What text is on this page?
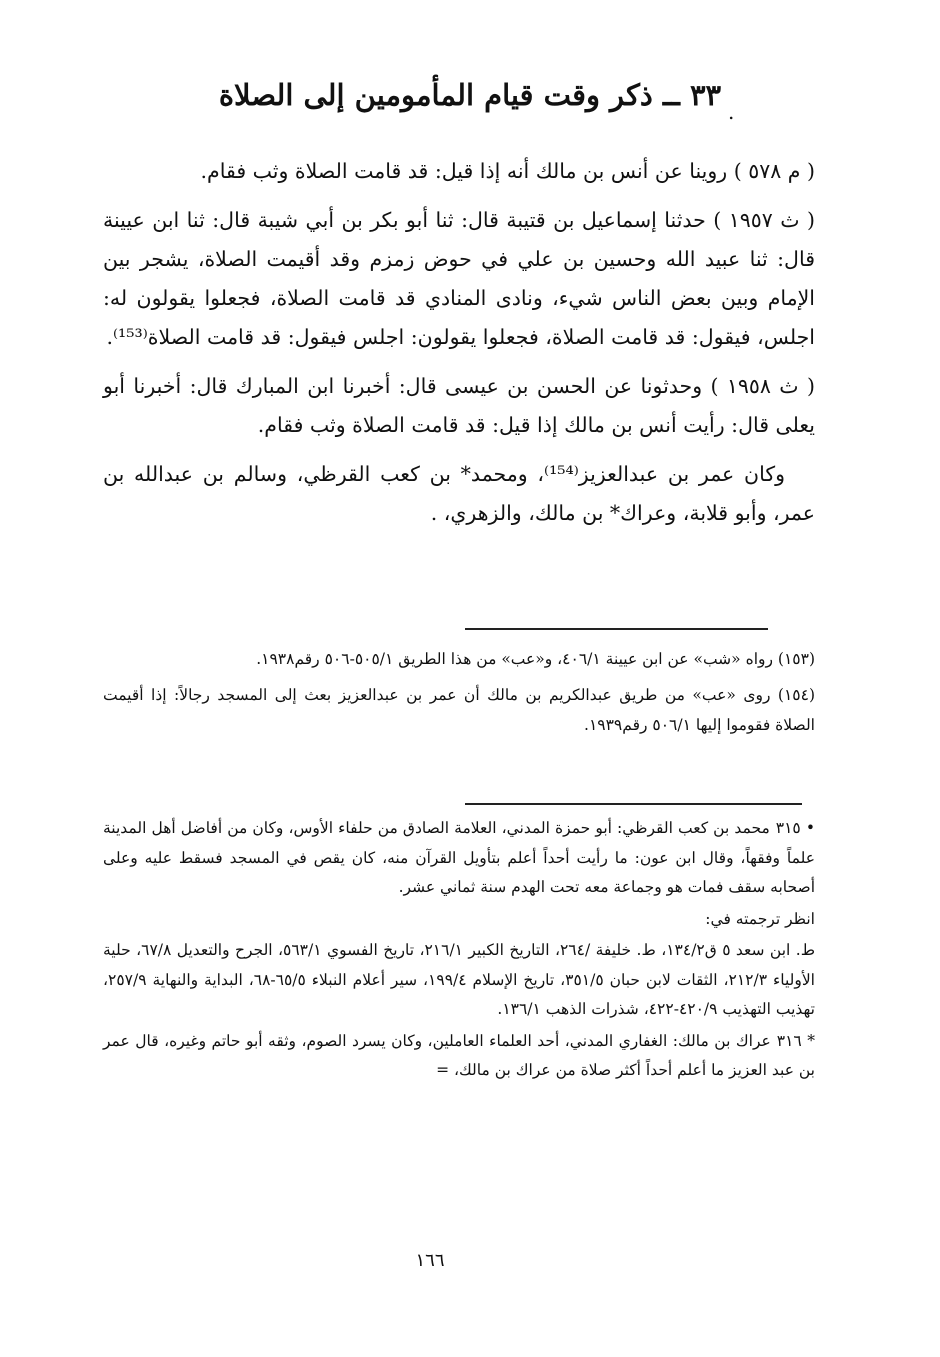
.
٣٣ ــ ذكر وقت قيام المأمومين إلى الصلاة

( م ٥٧٨ ) روينا عن أنس بن مالك أنه إذا قيل: قد قامت الصلاة وثب فقام.

( ث ١٩٥٧ ) حدثنا إسماعيل بن قتيبة قال: ثنا أبو بكر بن أبي شيبة قال: ثنا ابن عيينة قال: ثنا عبيد الله وحسين بن علي في حوض زمزم وقد أقيمت الصلاة، يشجر بين الإمام وبين بعض الناس شيء، ونادى المنادي قد قامت الصلاة، فجعلوا يقولون له: اجلس، فيقول: قد قامت الصلاة، فجعلوا يقولون: اجلس فيقول: قد قامت الصلاة⁽¹⁵³⁾.

( ث ١٩٥٨ ) وحدثونا عن الحسن بن عيسى قال: أخبرنا ابن المبارك قال: أخبرنا أبو يعلى قال: رأيت أنس بن مالك إذا قيل: قد قامت الصلاة وثب فقام.

وكان عمر بن عبدالعزيز⁽¹⁵⁴⁾، ومحمد* بن كعب القرظي، وسالم بن عبدالله بن عمر، وأبو قلابة، وعراك* بن مالك، والزهري، .

(١٥٣) رواه «شب» عن ابن عيينة ٤٠٦/١، و«عب» من هذا الطريق ٥٠٥/١-٥٠٦ رقم١٩٣٨.

(١٥٤) روى «عب» من طريق عبدالكريم بن مالك أن عمر بن عبدالعزيز بعث إلى المسجد رجالاً: إذا أقيمت الصلاة فقوموا إليها ٥٠٦/١ رقم١٩٣٩.

• ٣١٥محمد بن كعب القرظي: أبو حمزة المدني، العلامة الصادق من حلفاء الأوس، وكان من أفاضل أهل المدينة علماً وفقهاً، وقال ابن عون: ما رأيت أحداً أعلم بتأويل القرآن منه، كان يقص في المسجد فسقط عليه وعلى أصحابه سقف فمات هو وجماعة معه تحت الهدم سنة ثماني عشر.

انظر ترجمته في:

ط. ابن سعد ٥ ق١٣٤/٢، ط. خليفة /٢٦٤، التاريخ الكبير ٢١٦/١، تاريخ الفسوي ٥٦٣/١، الجرح والتعديل ٦٧/٨، حلية الأولياء ٢١٢/٣، الثقات لابن حبان ٣٥١/٥، تاريخ الإسلام ١٩٩/٤، سير أعلام النبلاء ٦٥/٥-٦٨، البداية والنهاية ٢٥٧/٩، تهذيب التهذيب ٤٢٠/٩-٤٢٢، شذرات الذهب ١٣٦/١.

* ٣١٦عراك بن مالك: الغفاري المدني، أحد العلماء العاملين، وكان يسرد الصوم، وثقه أبو حاتم وغيره، قال عمر بن عبد العزيز ما أعلم أحداً أكثر صلاة من عراك بن مالك، =

١٦٦
